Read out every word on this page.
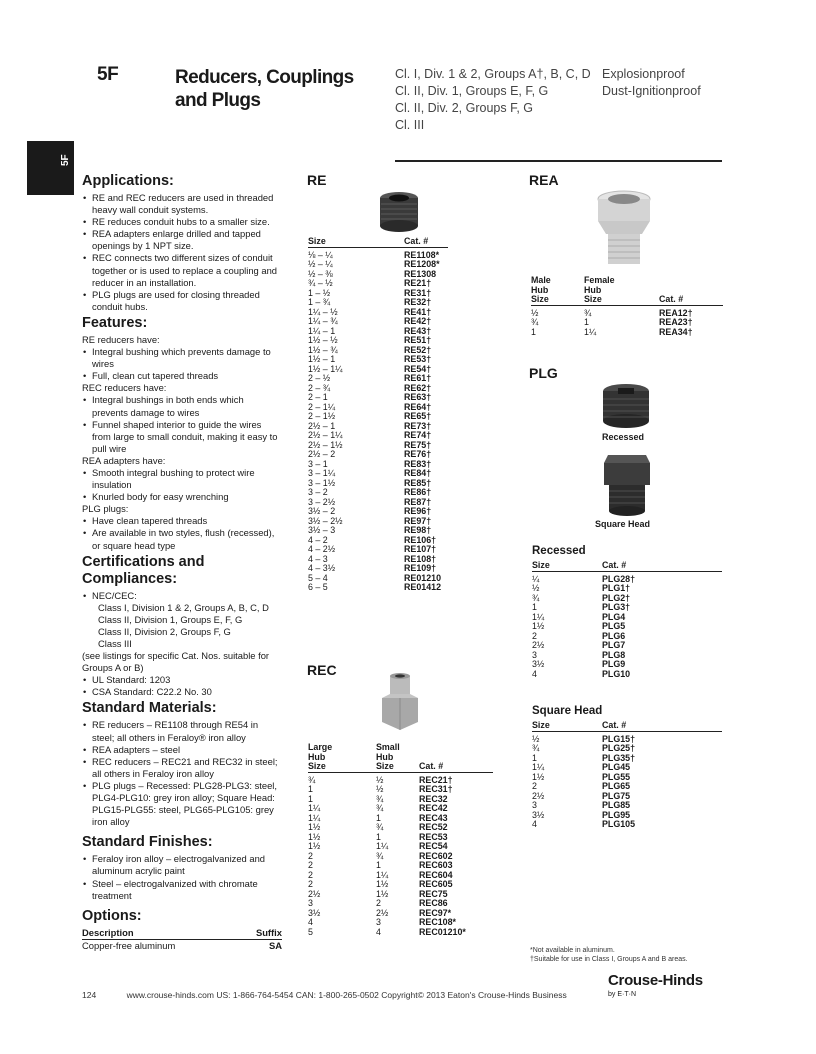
5F	Reducers, Couplings
and Plugs
Cl. I, Div. 1 & 2, Groups A†, B, C, D
Cl. II, Div. 1, Groups E, F, G
Cl. II, Div. 2, Groups F, G
Cl. III
Explosionproof
Dust-Ignitionproof
5F
Applications:
• RE and REC reducers are used in threaded heavy wall conduit systems.
• RE reduces conduit hubs to a smaller size.
• REA adapters enlarge drilled and tapped openings by 1 NPT size.
• REC connects two different sizes of conduit together or is used to replace a coupling and reducer in an installation.
• PLG plugs are used for closing threaded conduit hubs.
Features:

RE reducers have:

• Integral bushing which prevents damage to wires
• Full, clean cut tapered threads

REC reducers have:

• Integral bushings in both ends which prevents damage to wires
• Funnel shaped interior to guide the wires from large to small conduit, making it easy to pull wire

REA adapters have:

• Smooth integral bushing to protect wire insulation
• Knurled body for easy wrenching

PLG plugs:

• Have clean tapered threads
• Are available in two styles, flush (recessed), or square head type
Certifications and
Compliances:
• NEC/CEC:

Class I, Division 1 & 2, Groups A, B, C, D

Class II, Division 1, Groups E, F, G

Class II, Division 2, Groups F, G

Class III

(see listings for specific Cat. Nos. suitable for Groups A or B)

• UL Standard: 1203
• CSA Standard: C22.2 No. 30
Standard Materials:
• RE reducers – RE1108 through RE54 in steel; all others in Feraloy® iron alloy
• REA adapters – steel
• REC reducers – REC21 and REC32 in steel; all others in Feraloy iron alloy
• PLG plugs – Recessed: PLG28-PLG3: steel, PLG4-PLG10: grey iron alloy; Square Head: PLG15-PLG55: steel, PLG65-PLG105: grey iron alloy
Standard Finishes:
• Feraloy iron alloy – electrogalvanized and aluminum acrylic paint
• Steel – electrogalvanized with chromate treatment
Options:
Description	Suffix
Copper-free aluminum	SA
RE
Size	Cat. #
⅛ – ¼	RE1108*
½ – ¼	RE1208*
½ – ⅜	RE1308
¾ – ½	RE21†
1 – ½	RE31†
1 – ¾	RE32†
1¼ – ½	RE41†
1¼ – ¾	RE42†
1¼ – 1	RE43†
1½ – ½	RE51†
1½ – ¾	RE52†
1½ – 1	RE53†
1½ – 1¼	RE54†
2 – ½	RE61†
2 – ¾	RE62†
2 – 1	RE63†
2 – 1¼	RE64†
2 – 1½	RE65†
2½ – 1	RE73†
2½ – 1¼	RE74†
2½ – 1½	RE75†
2½ – 2	RE76†
3 – 1	RE83†
3 – 1¼	RE84†
3 – 1½	RE85†
3 – 2	RE86†
3 – 2½	RE87†
3½ – 2	RE96†
3½ – 2½	RE97†
3½ – 3	RE98†
4 – 2	RE106†
4 – 2½	RE107†
4 – 3	RE108†
4 – 3½	RE109†
5 – 4	RE01210
6 – 5	RE01412
REC
Large
Hub
Size
Small
Hub
Size	Cat. #
¾	½	REC21†
1	½	REC31†
1	¾	REC32
1¼	¾	REC42
1¼	1	REC43
1½	¾	REC52
1½	1	REC53
1½	1¼	REC54
2	¾	REC602
2	1	REC603
2	1¼	REC604
2	1½	REC605
2½	1½	REC75
3	2	REC86
3½	2½	REC97*
4	3	REC108*
5	4	REC01210*
REA
Male
Hub
Size
Female
Hub
Size	Cat. #
½	¾	REA12†
¾	1	REA23†
1	1¼	REA34†
PLG
Recessed
Square Head
Recessed
Size	Cat. #
¼	PLG28†
½	PLG1†
¾	PLG2†
1	PLG3†
1¼	PLG4
1½	PLG5
2	PLG6
2½	PLG7
3	PLG8
3½	PLG9
4	PLG10
Square Head
Size	Cat. #
½	PLG15†
¾	PLG25†
1	PLG35†
1¼	PLG45
1½	PLG55
2	PLG65
2½	PLG75
3	PLG85
3½	PLG95
4	PLG105
*Not available in aluminum.
†Suitable for use in Class I, Groups A and B areas.
124	www.crouse-hinds.com US: 1-866-764-5454 CAN: 1-800-265-0502 Copyright© 2013 Eaton's Crouse-Hinds Business
Crouse-Hinds
by E·T·N
